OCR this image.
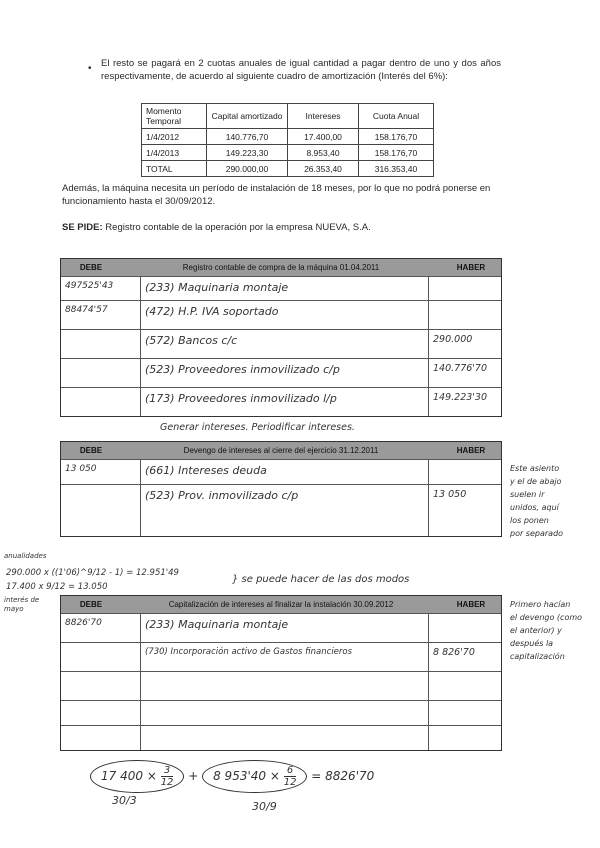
• El resto se pagará en 2 cuotas anuales de igual cantidad a pagar dentro de uno y dos años respectivamente, de acuerdo al siguiente cuadro de amortización (Interés del 6%):
Momento Temporal	Capital amortizado	Intereses	Cuota Anual
1/4/2012	140.776,70	17.400,00	158.176,70
1/4/2013	149.223,30	8.953,40	158.176,70
TOTAL	290.000,00	26.353,40	316.353,40
Además, la máquina necesita un período de instalación de 18 meses, por lo que no podrá ponerse en funcionamiento hasta el 30/09/2012.
SE PIDE: Registro contable de la operación por la empresa NUEVA, S.A.
DEBE	Registro contable de compra de la máquina 01.04.2011	HABER
497525'43	(233) Maquinaria montaje
88474'57	(472) H.P. IVA soportado
(572) Bancos c/c	290.000
(523) Proveedores inmovilizado c/p	140.776'70
(173) Proveedores inmovilizado l/p	149.223'30
Generar intereses. Periodificar intereses.
DEBE	Devengo de intereses al cierre del ejercicio 31.12.2011	HABER
13 050	(661) Intereses deuda
(523) Prov. inmovilizado c/p	13 050
Este asiento
y el de abajo
suelen ir
unidos, aquí
los ponen
por separado
anualidades
290.000 x ((1'06)^9/12 - 1) = 12.951'49
17.400 x 9/12 = 13.050
} se puede hacer de las dos modos
interés de mayo	DEBE	Capitalización de intereses al finalizar la instalación 30.09.2012	HABER
8826'70	(233) Maquinaria montaje
(730) Incorporación activo de Gastos financieros	8 826'70
Primero hacían
el devengo (como
el anterior) y
después la
capitalización
17 $400 \times \frac{3}{12} + 8$ $953'40 \times \frac{6}{12} = 8826'70$
30/3	30/9
